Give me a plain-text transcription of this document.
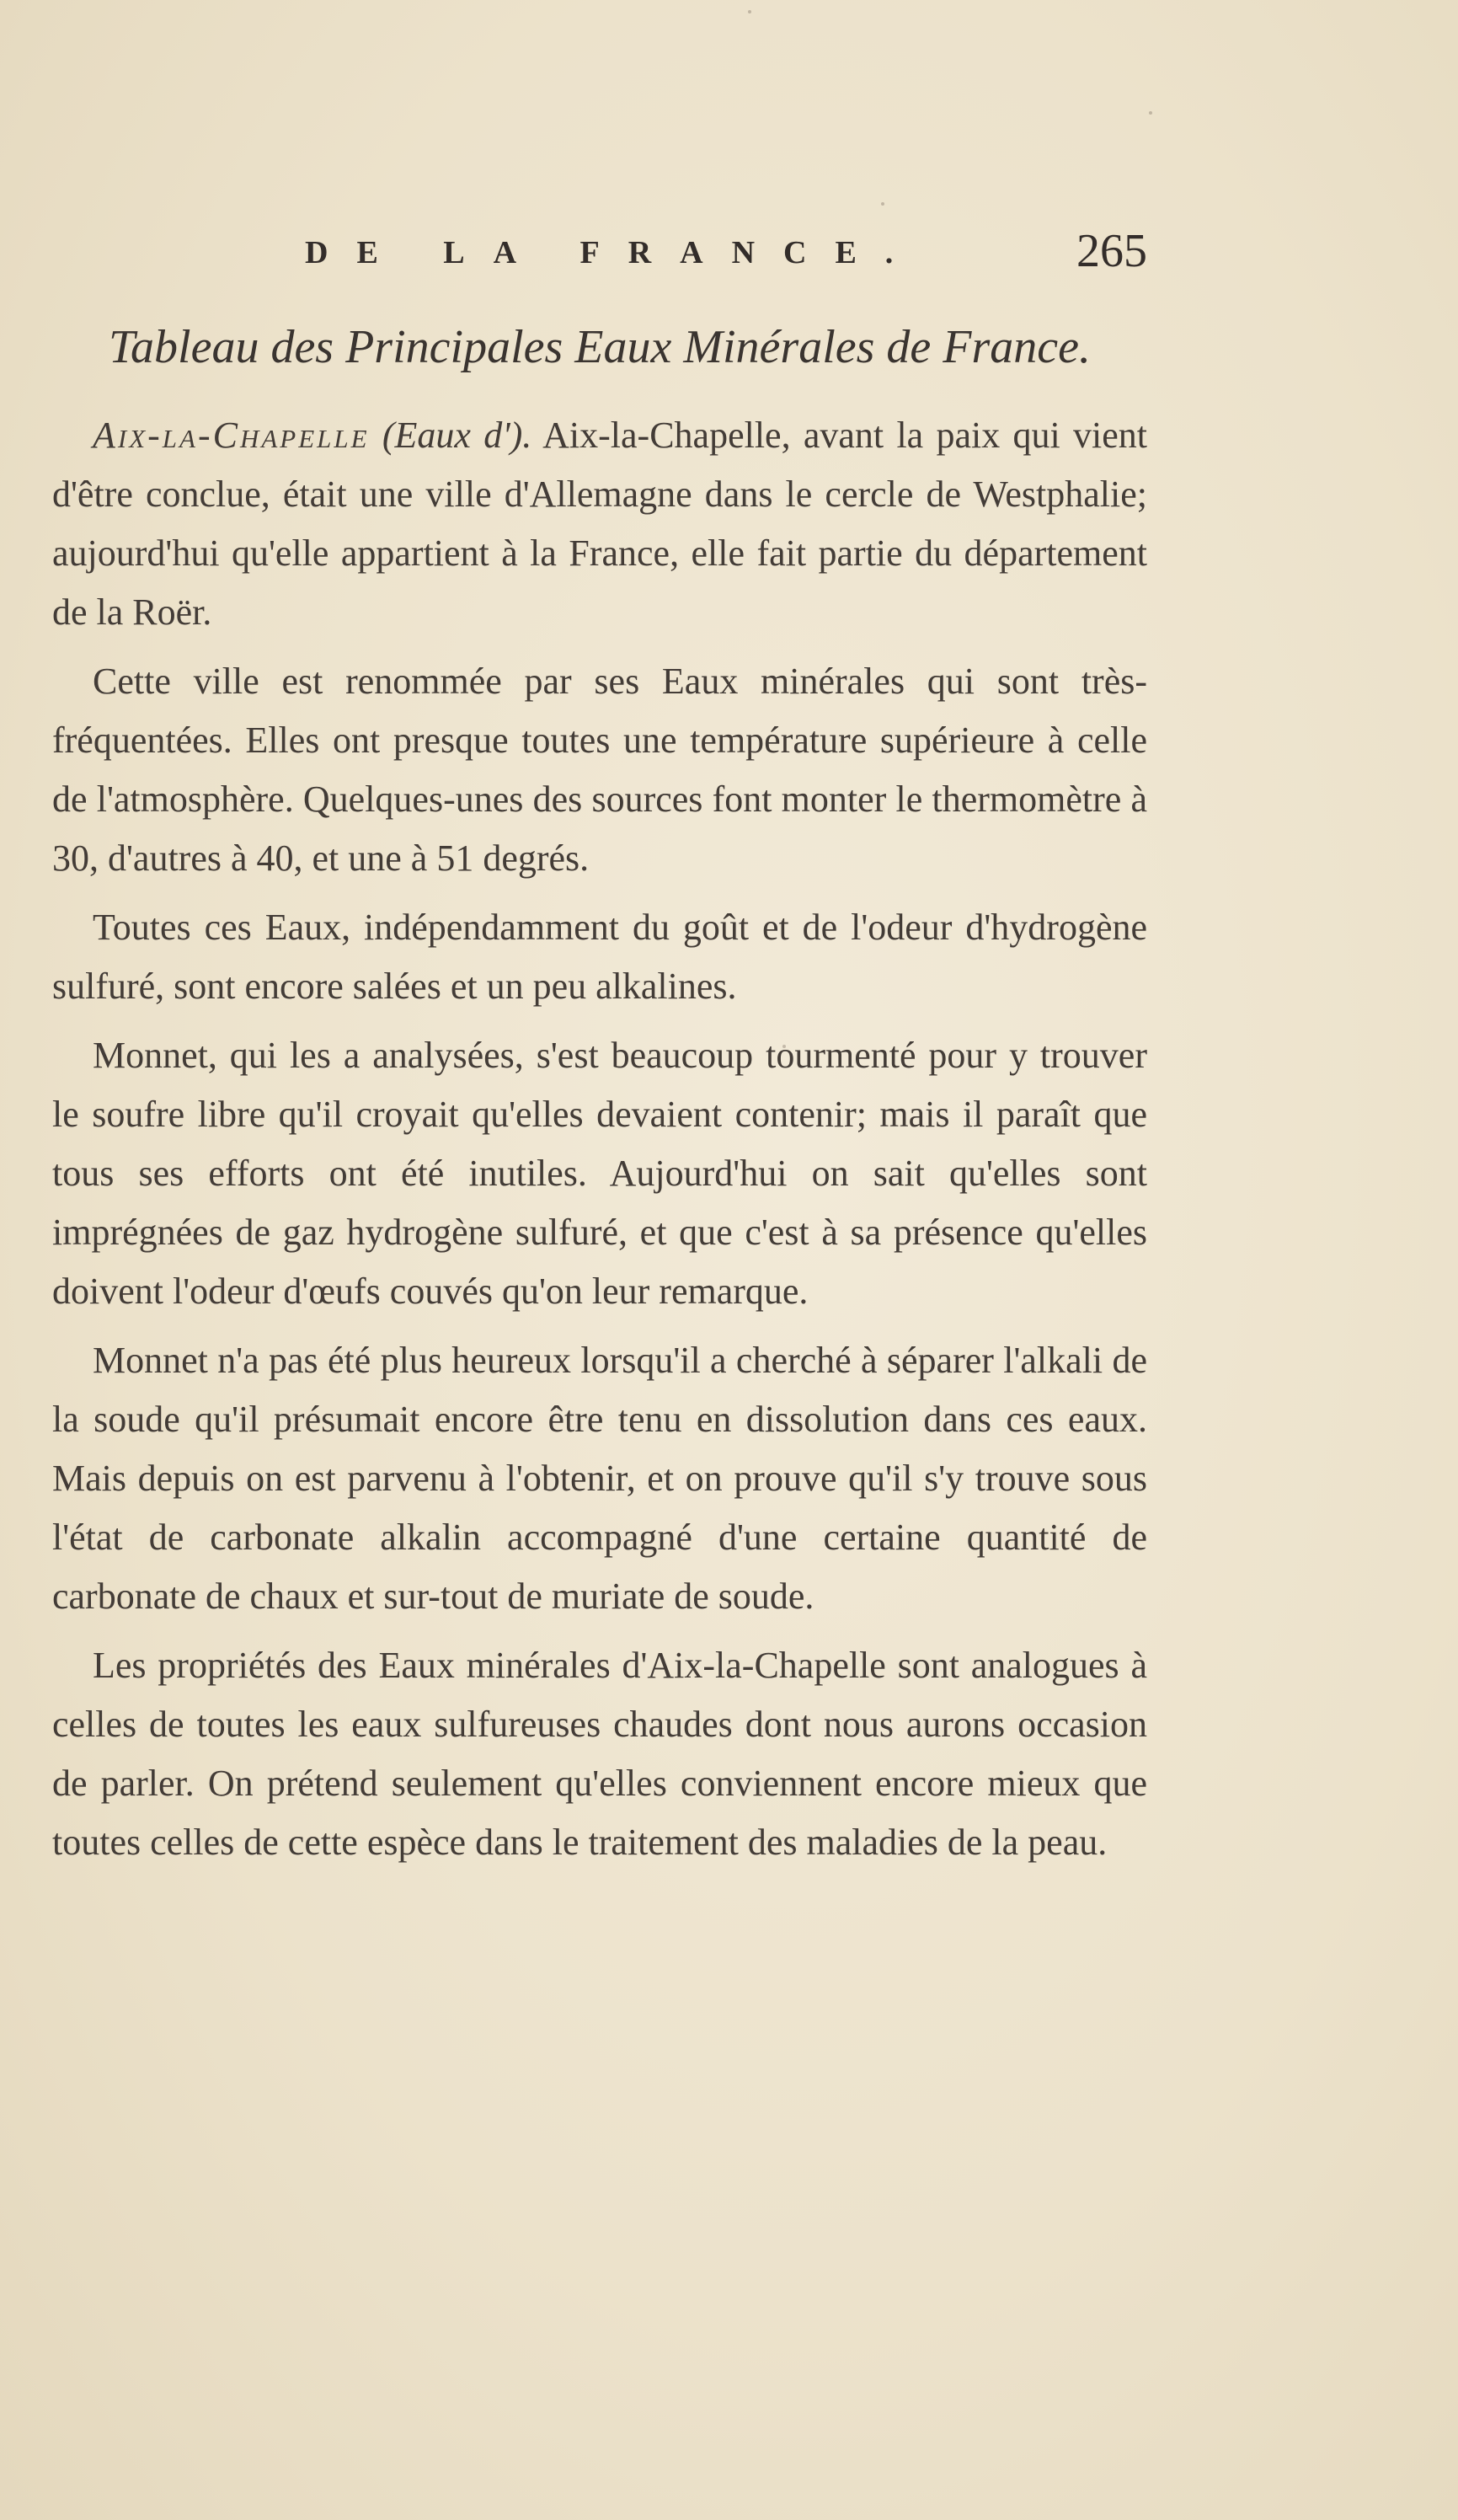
DE LA FRANCE.	265
Tableau des Principales Eaux Minérales de France.

Aix-la-Chapelle (Eaux d'). Aix-la-Chapelle, avant la paix qui vient d'être conclue, était une ville d'Allemagne dans le cercle de Westphalie; aujourd'hui qu'elle appartient à la France, elle fait partie du département de la Roër.

Cette ville est renommée par ses Eaux minérales qui sont très-fréquentées. Elles ont presque toutes une température supérieure à celle de l'atmosphère. Quelques-unes des sources font monter le thermomètre à 30, d'autres à 40, et une à 51 degrés.

Toutes ces Eaux, indépendamment du goût et de l'odeur d'hydrogène sulfuré, sont encore salées et un peu alkalines.

Monnet, qui les a analysées, s'est beaucoup tourmenté pour y trouver le soufre libre qu'il croyait qu'elles devaient contenir; mais il paraît que tous ses efforts ont été inutiles. Aujourd'hui on sait qu'elles sont imprégnées de gaz hydrogène sulfuré, et que c'est à sa présence qu'elles doivent l'odeur d'œufs couvés qu'on leur remarque.

Monnet n'a pas été plus heureux lorsqu'il a cherché à séparer l'alkali de la soude qu'il présumait encore être tenu en dissolution dans ces eaux. Mais depuis on est parvenu à l'obtenir, et on prouve qu'il s'y trouve sous l'état de carbonate alkalin accompagné d'une certaine quantité de carbonate de chaux et sur-tout de muriate de soude.

Les propriétés des Eaux minérales d'Aix-la-Chapelle sont analogues à celles de toutes les eaux sulfureuses chaudes dont nous aurons occasion de parler. On prétend seulement qu'elles conviennent encore mieux que toutes celles de cette espèce dans le traitement des maladies de la peau.
